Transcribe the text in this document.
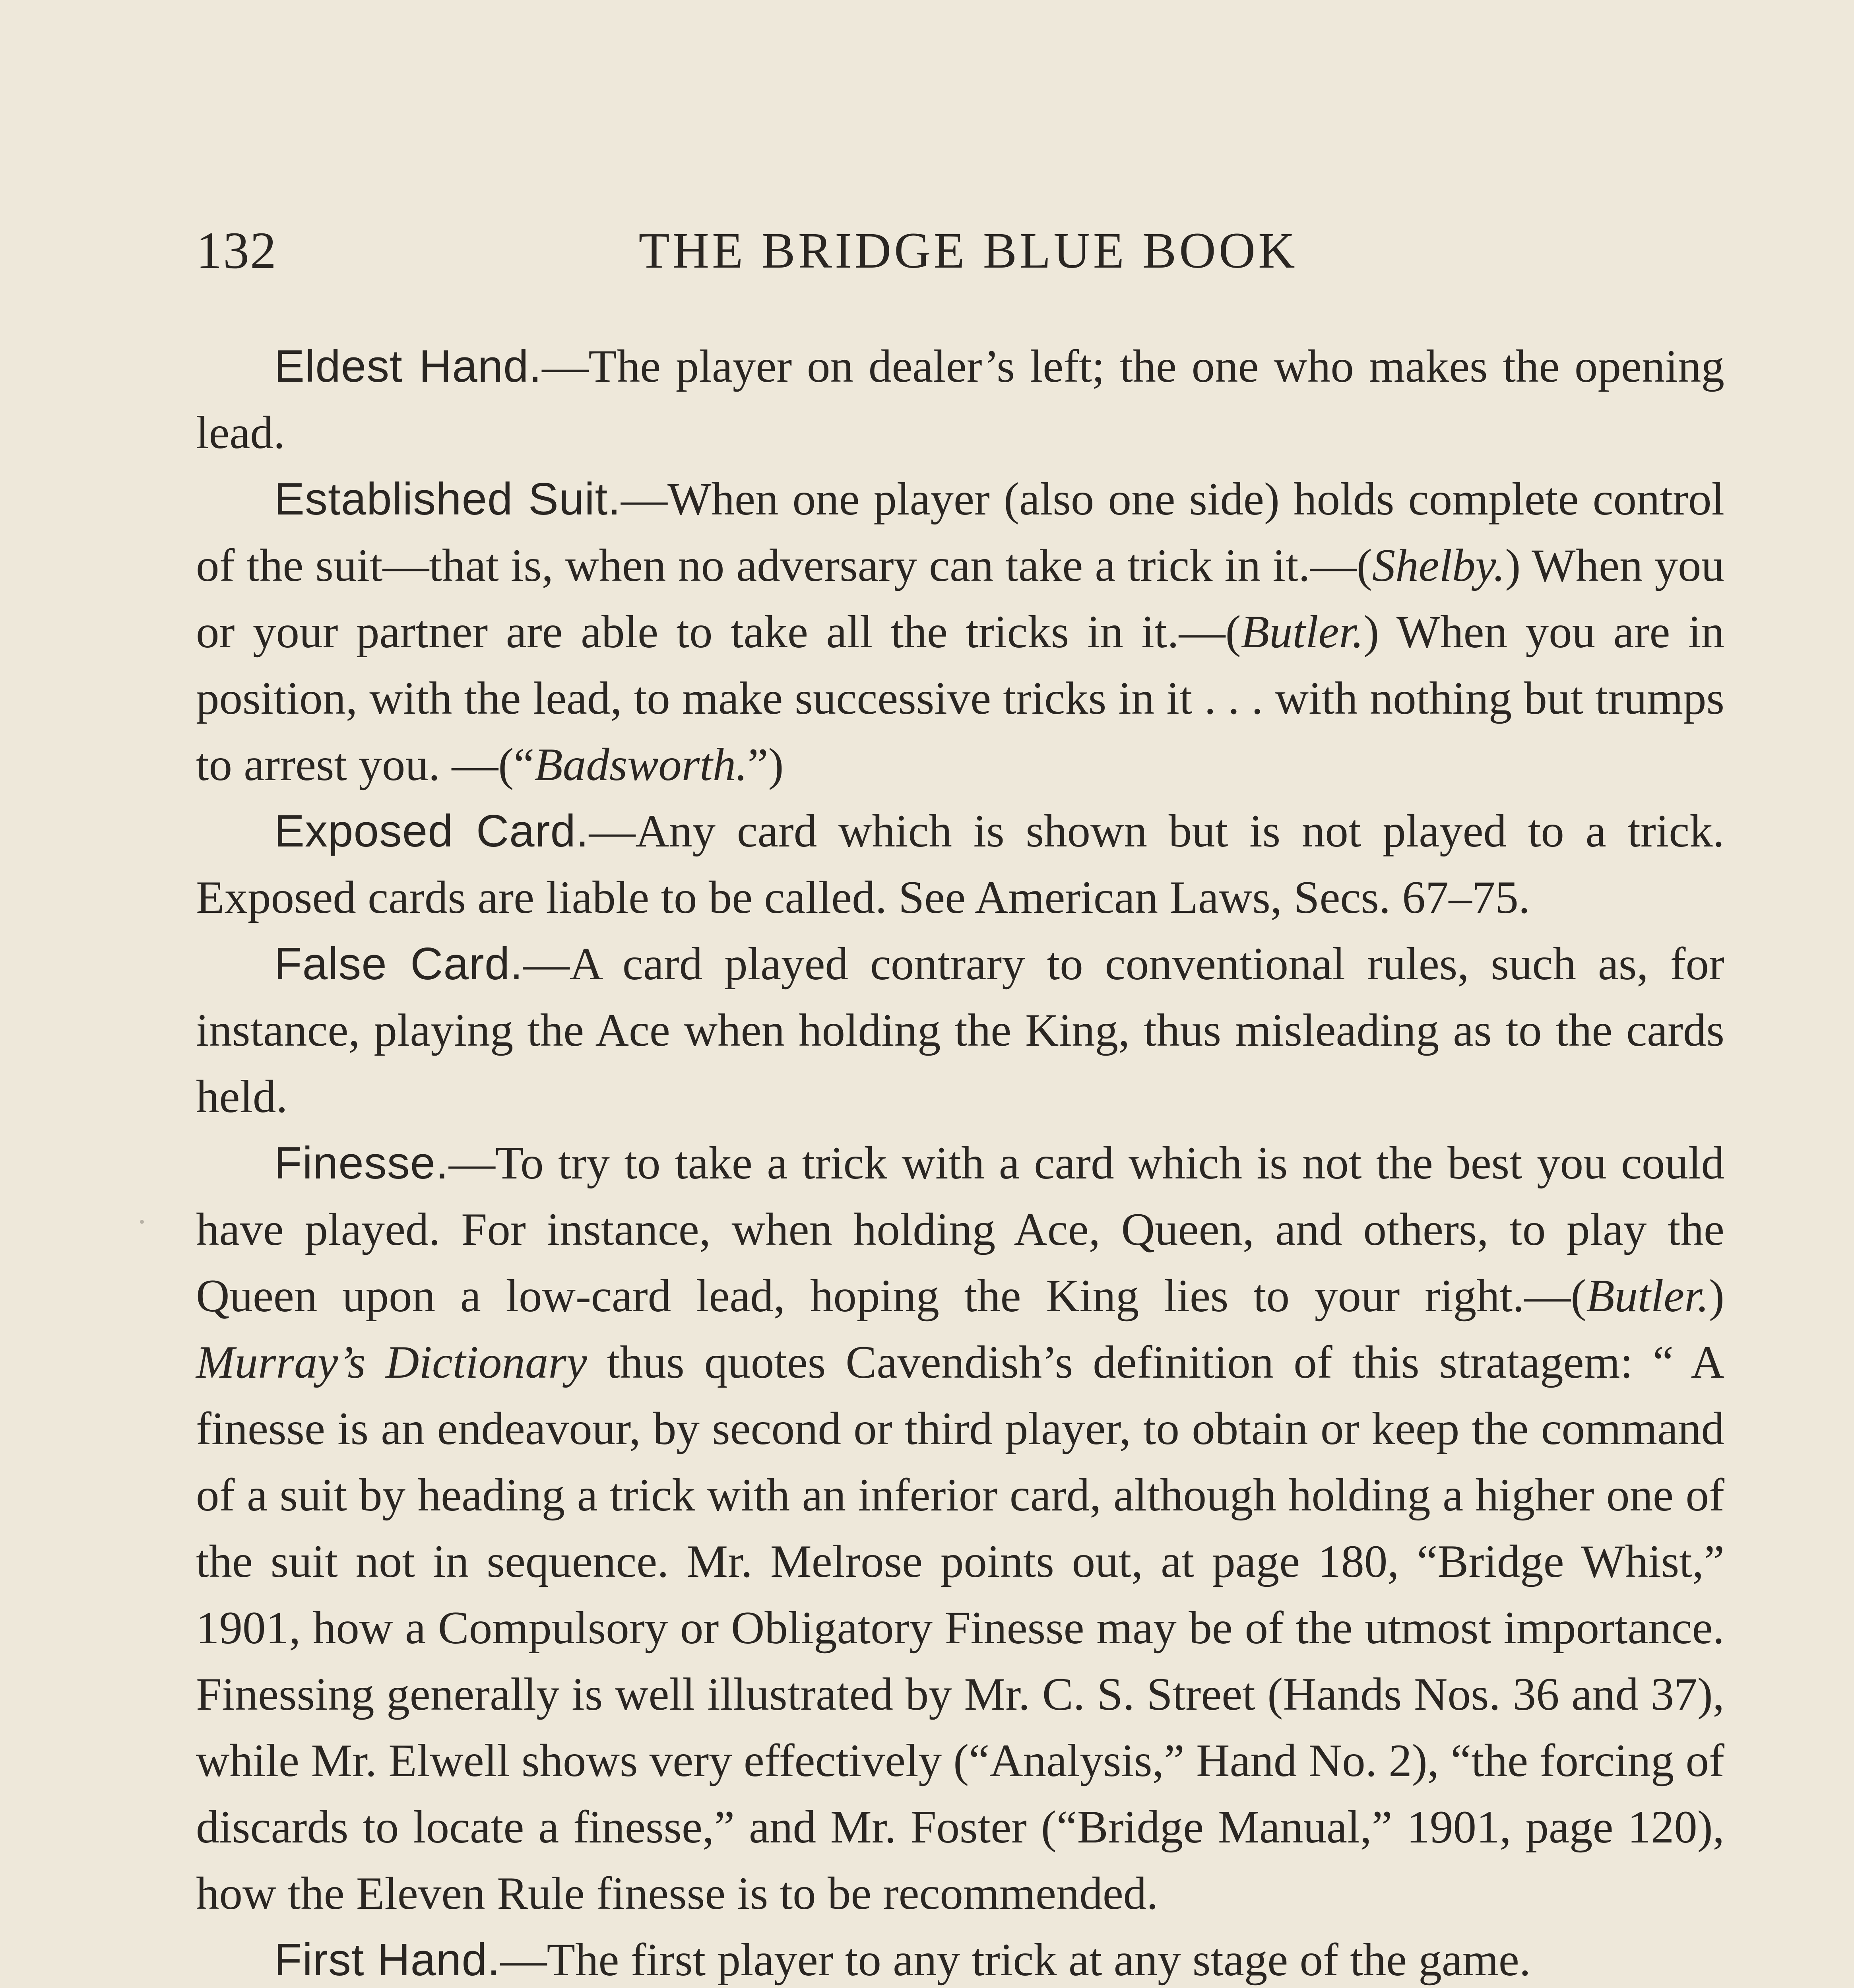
132	THE BRIDGE BLUE BOOK

Eldest Hand.—The player on dealer’s left; the one who makes the opening lead.

Established Suit.—When one player (also one side) holds complete control of the suit—that is, when no adversary can take a trick in it.—(Shelby.) When you or your partner are able to take all the tricks in it.—(Butler.) When you are in position, with the lead, to make successive tricks in it . . . with nothing but trumps to arrest you. —(“Badsworth.”)

Exposed Card.—Any card which is shown but is not played to a trick. Exposed cards are liable to be called. See American Laws, Secs. 67–75.

False Card.—A card played contrary to conventional rules, such as, for instance, playing the Ace when holding the King, thus misleading as to the cards held.

Finesse.—To try to take a trick with a card which is not the best you could have played. For instance, when holding Ace, Queen, and others, to play the Queen upon a low-card lead, hoping the King lies to your right.—(Butler.) Murray’s Dictionary thus quotes Cavendish’s definition of this stratagem: “ A finesse is an endeavour, by second or third player, to obtain or keep the command of a suit by heading a trick with an inferior card, although holding a higher one of the suit not in sequence. Mr. Melrose points out, at page 180, “Bridge Whist,” 1901, how a Compulsory or Obligatory Finesse may be of the utmost importance. Finessing generally is well illustrated by Mr. C. S. Street (Hands Nos. 36 and 37), while Mr. Elwell shows very effectively (“Analysis,” Hand No. 2), “the forcing of discards to locate a finesse,” and Mr. Foster (“Bridge Manual,” 1901, page 120), how the Eleven Rule finesse is to be recommended.

First Hand.—The first player to any trick at any stage of the game.
